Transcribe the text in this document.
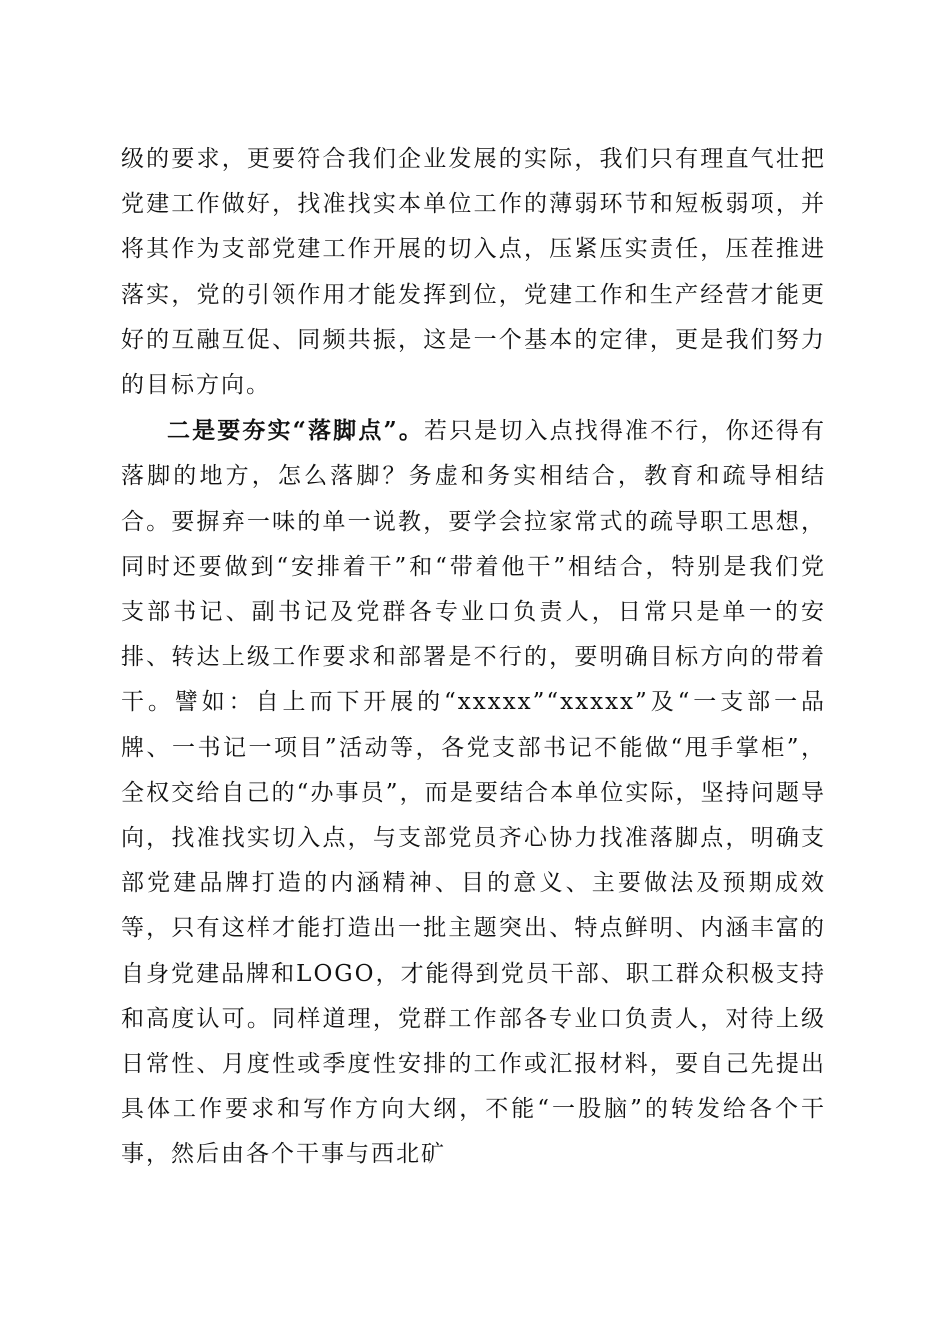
级的要求，更要符合我们企业发展的实际，我们只有理直气壮把党建工作做好，找准找实本单位工作的薄弱环节和短板弱项，并将其作为支部党建工作开展的切入点，压紧压实责任，压茬推进落实，党的引领作用才能发挥到位，党建工作和生产经营才能更好的互融互促、同频共振，这是一个基本的定律，更是我们努力的目标方向。

二是要夯实“落脚点”。若只是切入点找得准不行，你还得有落脚的地方，怎么落脚？务虚和务实相结合，教育和疏导相结合。要摒弃一味的单一说教，要学会拉家常式的疏导职工思想，同时还要做到“安排着干”和“带着他干”相结合，特别是我们党支部书记、副书记及党群各专业口负责人，日常只是单一的安排、转达上级工作要求和部署是不行的，要明确目标方向的带着干。譬如：自上而下开展的“xxxxx”“xxxxx”及“一支部一品牌、一书记一项目”活动等，各党支部书记不能做“甩手掌柜”，全权交给自己的“办事员”，而是要结合本单位实际，坚持问题导向，找准找实切入点，与支部党员齐心协力找准落脚点，明确支部党建品牌打造的内涵精神、目的意义、主要做法及预期成效等，只有这样才能打造出一批主题突出、特点鲜明、内涵丰富的自身党建品牌和LOGO，才能得到党员干部、职工群众积极支持和高度认可。同样道理，党群工作部各专业口负责人，对待上级日常性、月度性或季度性安排的工作或汇报材料，要自己先提出具体工作要求和写作方向大纲，不能“一股脑”的转发给各个干事，然后由各个干事与西北矿
